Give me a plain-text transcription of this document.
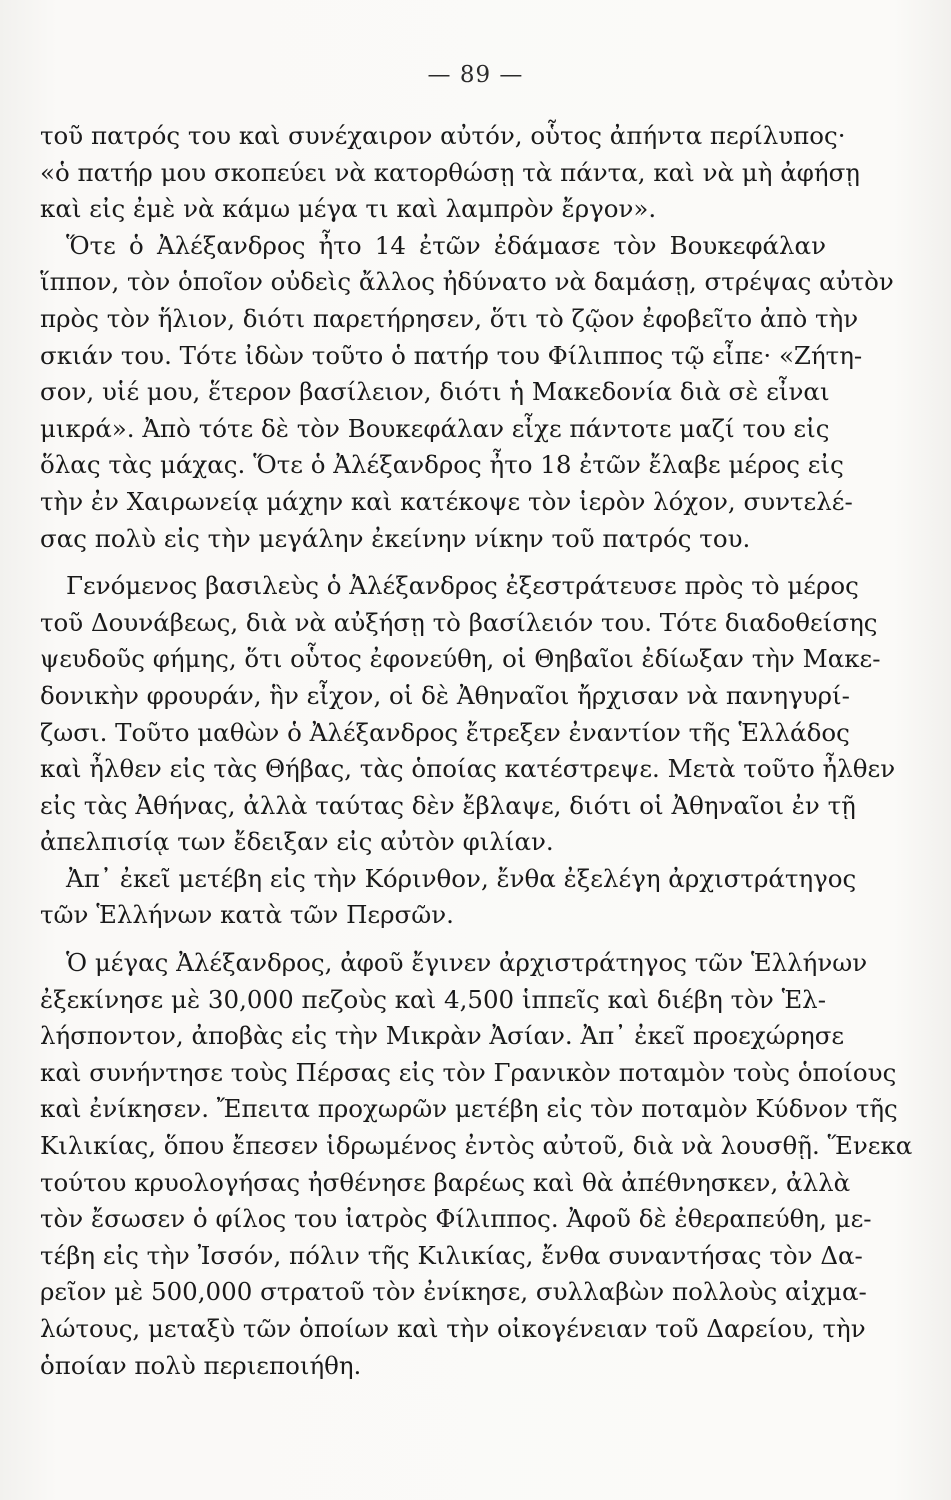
— 89 —
τοῦ πατρός του καὶ συνέχαιρον αὐτόν, οὗτος ἀπήντα περίλυπος·
«ὁ πατήρ μου σκοπεύει νὰ κατορθώσῃ τὰ πάντα, καὶ νὰ μὴ ἀφήσῃ
καὶ εἰς ἐμὲ νὰ κάμω μέγα τι καὶ λαμπρὸν ἔργον».
Ὅτε ὁ Ἀλέξανδρος ἦτο 14 ἐτῶν ἐδάμασε τὸν Βουκεφάλαν
ἵππον, τὸν ὁποῖον οὐδεὶς ἄλλος ἠδύνατο νὰ δαμάσῃ, στρέψας αὐτὸν
πρὸς τὸν ἥλιον, διότι παρετήρησεν, ὅτι τὸ ζῷον ἐφοβεῖτο ἀπὸ τὴν
σκιάν του. Τότε ἰδὼν τοῦτο ὁ πατήρ του Φίλιππος τῷ εἶπε· «Ζήτη-
σον, υἱέ μου, ἕτερον βασίλειον, διότι ἡ Μακεδονία διὰ σὲ εἶναι
μικρά». Ἀπὸ τότε δὲ τὸν Βουκεφάλαν εἶχε πάντοτε μαζί του εἰς
ὅλας τὰς μάχας. Ὅτε ὁ Ἀλέξανδρος ἦτο 18 ἐτῶν ἔλαβε μέρος εἰς
τὴν ἐν Χαιρωνείᾳ μάχην καὶ κατέκοψε τὸν ἱερὸν λόχον, συντελέ-
σας πολὺ εἰς τὴν μεγάλην ἐκείνην νίκην τοῦ πατρός του.
Γενόμενος βασιλεὺς ὁ Ἀλέξανδρος ἐξεστράτευσε πρὸς τὸ μέρος
τοῦ Δουνάβεως, διὰ νὰ αὐξήσῃ τὸ βασίλειόν του. Τότε διαδοθείσης
ψευδοῦς φήμης, ὅτι οὗτος ἐφονεύθη, οἱ Θηβαῖοι ἐδίωξαν τὴν Μακε-
δονικὴν φρουράν, ἣν εἶχον, οἱ δὲ Ἀθηναῖοι ἤρχισαν νὰ πανηγυρί-
ζωσι. Τοῦτο μαθὼν ὁ Ἀλέξανδρος ἔτρεξεν ἐναντίον τῆς Ἑλλάδος
καὶ ἦλθεν εἰς τὰς Θήβας, τὰς ὁποίας κατέστρεψε. Μετὰ τοῦτο ἦλθεν
εἰς τὰς Ἀθήνας, ἀλλὰ ταύτας δὲν ἔβλαψε, διότι οἱ Ἀθηναῖοι ἐν τῇ
ἀπελπισίᾳ των ἔδειξαν εἰς αὐτὸν φιλίαν.
Ἀπ᾽ ἐκεῖ μετέβη εἰς τὴν Κόρινθον, ἔνθα ἐξελέγη ἀρχιστράτηγος
τῶν Ἑλλήνων κατὰ τῶν Περσῶν.
Ὁ μέγας Ἀλέξανδρος, ἀφοῦ ἔγινεν ἀρχιστράτηγος τῶν Ἑλλήνων
ἐξεκίνησε μὲ 30,000 πεζοὺς καὶ 4,500 ἱππεῖς καὶ διέβη τὸν Ἑλ-
λήσποντον, ἀποβὰς εἰς τὴν Μικρὰν Ἀσίαν. Ἀπ᾽ ἐκεῖ προεχώρησε
καὶ συνήντησε τοὺς Πέρσας εἰς τὸν Γρανικὸν ποταμὸν τοὺς ὁποίους
καὶ ἐνίκησεν. Ἔπειτα προχωρῶν μετέβη εἰς τὸν ποταμὸν Κύδνον τῆς
Κιλικίας, ὅπου ἔπεσεν ἱδρωμένος ἐντὸς αὐτοῦ, διὰ νὰ λουσθῇ. Ἕνεκα
τούτου κρυολογήσας ἠσθένησε βαρέως καὶ θὰ ἀπέθνησκεν, ἀλλὰ
τὸν ἔσωσεν ὁ φίλος του ἰατρὸς Φίλιππος. Ἀφοῦ δὲ ἐθεραπεύθη, με-
τέβη εἰς τὴν Ἰσσόν, πόλιν τῆς Κιλικίας, ἔνθα συναντήσας τὸν Δα-
ρεῖον μὲ 500,000 στρατοῦ τὸν ἐνίκησε, συλλαβὼν πολλοὺς αἰχμα-
λώτους, μεταξὺ τῶν ὁποίων καὶ τὴν οἰκογένειαν τοῦ Δαρείου, τὴν
ὁποίαν πολὺ περιεποιήθη.
